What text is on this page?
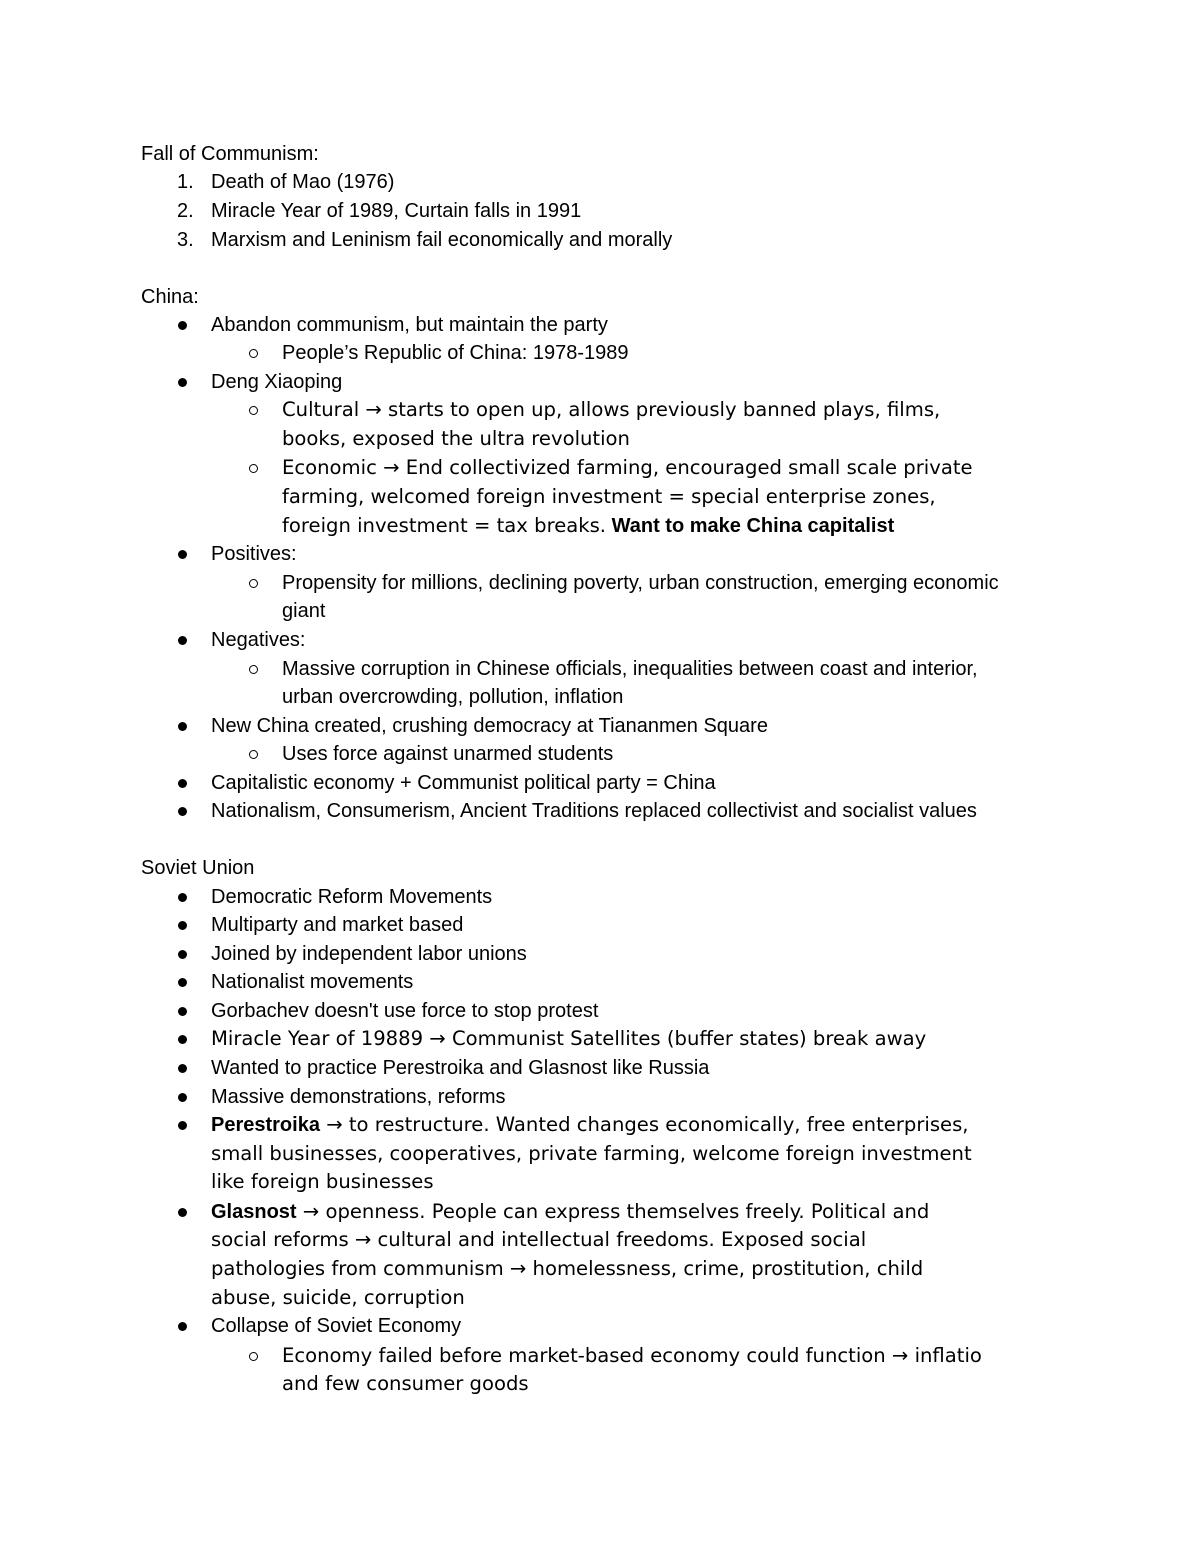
Fall of Communism:
1. Death of Mao (1976)
2. Miracle Year of 1989, Curtain falls in 1991
3. Marxism and Leninism fail economically and morally
China:
Abandon communism, but maintain the party
People’s Republic of China: 1978-1989
Deng Xiaoping
Cultural → starts to open up, allows previously banned plays, films,
books, exposed the ultra revolution
Economic → End collectivized farming, encouraged small scale private
farming, welcomed foreign investment = special enterprise zones,
foreign investment = tax breaks. Want to make China capitalist
Positives:
Propensity for millions, declining poverty, urban construction, emerging economic
giant
Negatives:
Massive corruption in Chinese officials, inequalities between coast and interior,
urban overcrowding, pollution, inflation
New China created, crushing democracy at Tiananmen Square
Uses force against unarmed students
Capitalistic economy + Communist political party = China
Nationalism, Consumerism, Ancient Traditions replaced collectivist and socialist values
Soviet Union
Democratic Reform Movements
Multiparty and market based
Joined by independent labor unions
Nationalist movements
Gorbachev doesn't use force to stop protest
Miracle Year of 19889 → Communist Satellites (buffer states) break away
Wanted to practice Perestroika and Glasnost like Russia
Massive demonstrations, reforms
Perestroika → to restructure. Wanted changes economically, free enterprises,
small businesses, cooperatives, private farming, welcome foreign investment
like foreign businesses
Glasnost → openness. People can express themselves freely. Political and
social reforms → cultural and intellectual freedoms. Exposed social
pathologies from communism → homelessness, crime, prostitution, child
abuse, suicide, corruption
Collapse of Soviet Economy
Economy failed before market-based economy could function → inflatio
and few consumer goods
